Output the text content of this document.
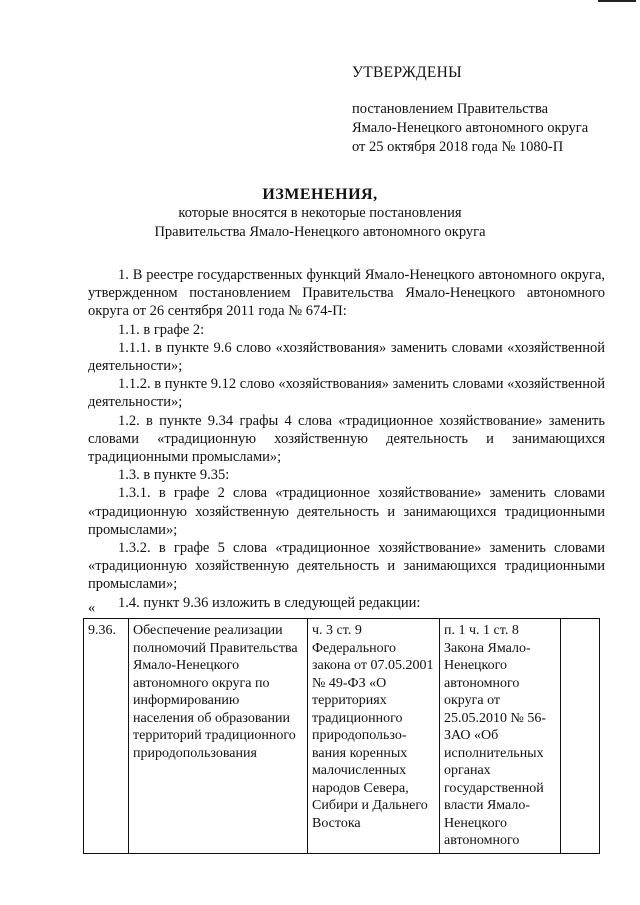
УТВЕРЖДЕНЫ
постановлением Правительства
Ямало-Ненецкого автономного округа
от 25 октября 2018 года № 1080-П
ИЗМЕНЕНИЯ,
которые вносятся в некоторые постановления
Правительства Ямало-Ненецкого автономного округа

1. В реестре государственных функций Ямало-Ненецкого автономного округа, утвержденном постановлением Правительства Ямало-Ненецкого автономного округа от 26 сентября 2011 года № 674-П:

1.1. в графе 2:

1.1.1. в пункте 9.6 слово «хозяйствования» заменить словами «хозяйственной деятельности»;

1.1.2. в пункте 9.12 слово «хозяйствования» заменить словами «хозяйственной деятельности»;

1.2. в пункте 9.34 графы 4 слова «традиционное хозяйствование» заменить словами «традиционную хозяйственную деятельность и занимающихся традиционными промыслами»;

1.3. в пункте 9.35:

1.3.1. в графе 2 слова «традиционное хозяйствование» заменить словами «традиционную хозяйственную деятельность и занимающихся традиционными промыслами»;

1.3.2. в графе 5 слова «традиционное хозяйствование» заменить словами «традиционную хозяйственную деятельность и занимающихся традиционными промыслами»;

1.4. пункт 9.36 изложить в следующей редакции:

«
9.36.	Обеспечение реализации полномочий Правительства Ямало-Ненецкого автономного округа по информированию населения об образовании территорий традиционного природопользования	ч. 3 ст. 9 Федерального закона от 07.05.2001 № 49-ФЗ «О территориях традиционного природопользо-вания коренных малочисленных народов Севера, Сибири и Дальнего Востока	п. 1 ч. 1 ст. 8 Закона Ямало-Ненецкого автономного округа от 25.05.2010 № 56-ЗАО «Об исполнительных органах государственной власти Ямало-Ненецкого автономного	
